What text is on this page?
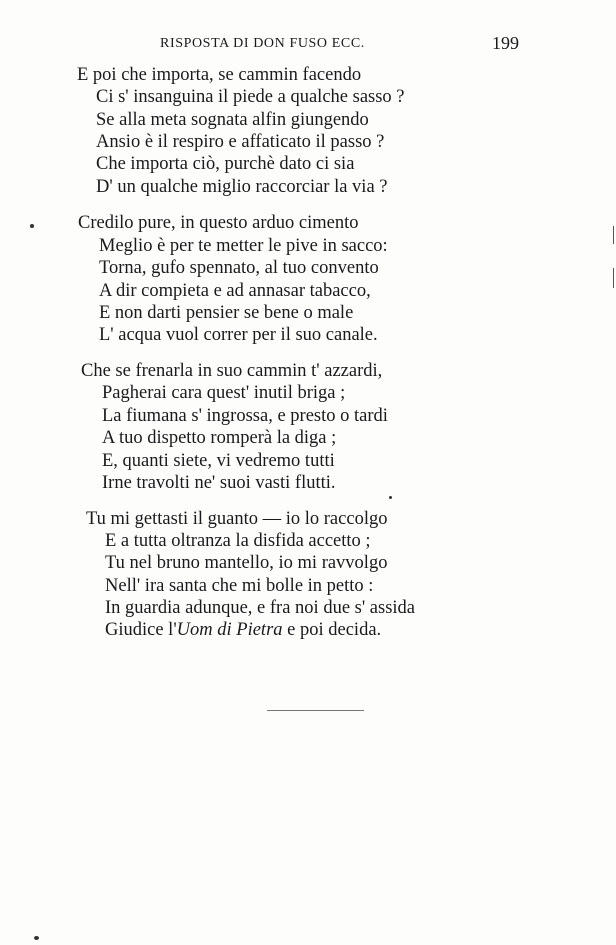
RISPOSTA DI DON FUSO ECC.	199
E poi che importa, se cammin facendo
Ci s' insanguina il piede a qualche sasso ?
Se alla meta sognata alfin giungendo
Ansio è il respiro e affaticato il passo ?
Che importa ciò, purchè dato ci sia
D' un qualche miglio raccorciar la via ?
Credilo pure, in questo arduo cimento
Meglio è per te metter le pive in sacco:
Torna, gufo spennato, al tuo convento
A dir compieta e ad annasar tabacco,
E non darti pensier se bene o male
L' acqua vuol correr per il suo canale.
Che se frenarla in suo cammin t' azzardi,
Pagherai cara quest' inutil briga ;
La fiumana s' ingrossa, e presto o tardi
A tuo dispetto romperà la diga ;
E, quanti siete, vi vedremo tutti
Irne travolti ne' suoi vasti flutti.
Tu mi gettasti il guanto — io lo raccolgo
E a tutta oltranza la disfida accetto ;
Tu nel bruno mantello, io mi ravvolgo
Nell' ira santa che mi bolle in petto :
In guardia adunque, e fra noi due s' assida
Giudice l'Uom di Pietra e poi decida.
